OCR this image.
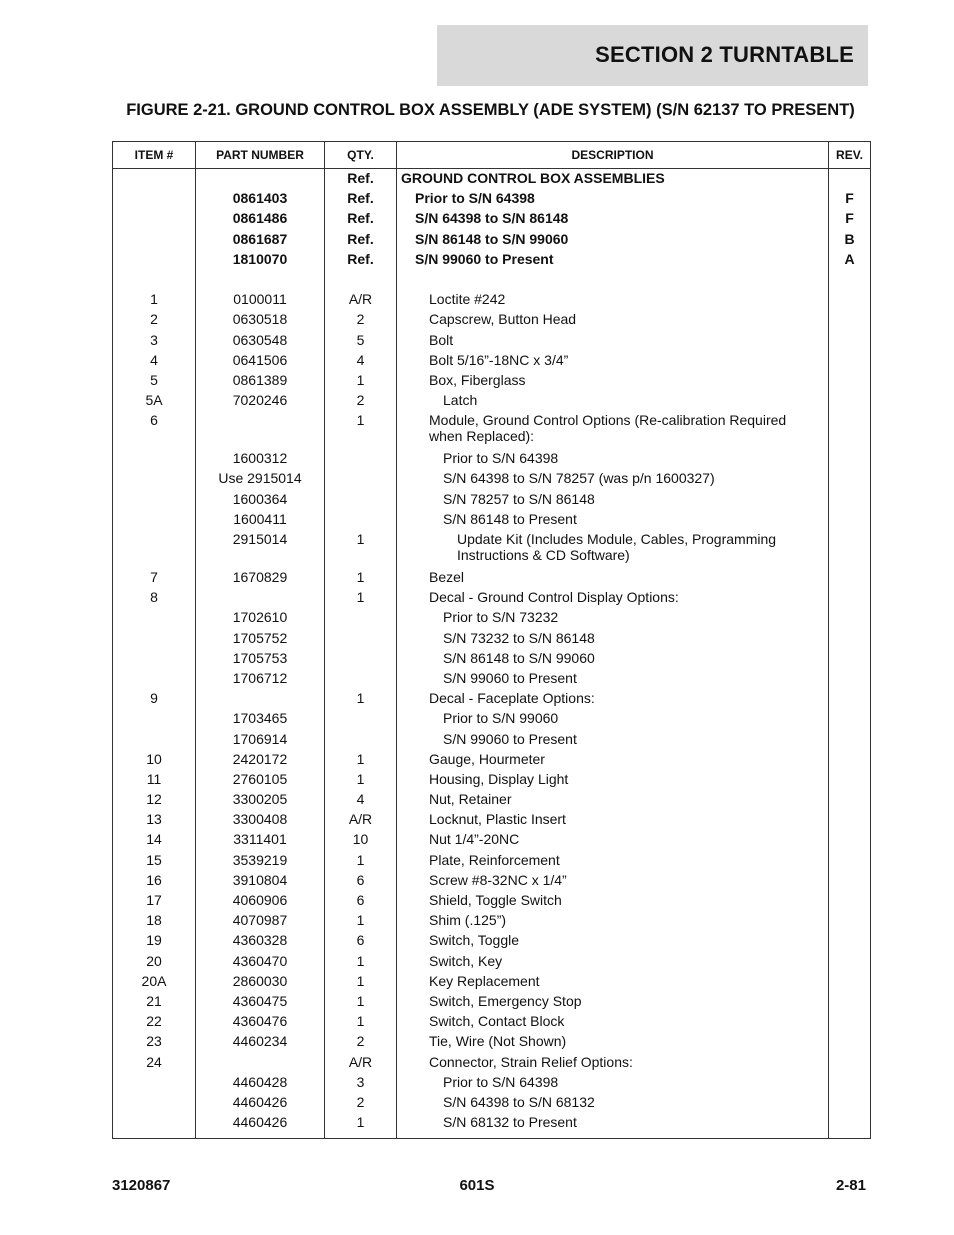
SECTION 2 TURNTABLE
FIGURE 2-21. GROUND CONTROL BOX ASSEMBLY (ADE SYSTEM) (S/N 62137 TO PRESENT)
ITEM #	PART NUMBER	QTY.	DESCRIPTION	REV.
		Ref.	GROUND CONTROL BOX ASSEMBLIES	
	0861403	Ref.	Prior to S/N 64398	F
	0861486	Ref.	S/N 64398 to S/N 86148	F
	0861687	Ref.	S/N 86148 to S/N 99060	B
	1810070	Ref.	S/N 99060 to Present	A

1	0100011	A/R	Loctite #242	
2	0630518	2	Capscrew, Button Head	
3	0630548	5	Bolt	
4	0641506	4	Bolt 5/16”-18NC x 3/4”	
5	0861389	1	Box, Fiberglass	
5A	7020246	2	Latch	
6		1	Module, Ground Control Options (Re-calibration Required when Replaced):	
	1600312		Prior to S/N 64398	
	Use 2915014		S/N 64398 to S/N 78257 (was p/n 1600327)	
	1600364		S/N 78257 to S/N 86148	
	1600411		S/N 86148 to Present	
	2915014	1	Update Kit (Includes Module, Cables, Programming Instructions & CD Software)	
7	1670829	1	Bezel	
8		1	Decal - Ground Control Display Options:	
	1702610		Prior to S/N 73232	
	1705752		S/N 73232 to S/N 86148	
	1705753		S/N 86148 to S/N 99060	
	1706712		S/N 99060 to Present	
9		1	Decal - Faceplate Options:	
	1703465		Prior to S/N 99060	
	1706914		S/N 99060 to Present	
10	2420172	1	Gauge, Hourmeter	
11	2760105	1	Housing, Display Light	
12	3300205	4	Nut, Retainer	
13	3300408	A/R	Locknut, Plastic Insert	
14	3311401	10	Nut 1/4”-20NC	
15	3539219	1	Plate, Reinforcement	
16	3910804	6	Screw #8-32NC x 1/4”	
17	4060906	6	Shield, Toggle Switch	
18	4070987	1	Shim (.125”)	
19	4360328	6	Switch, Toggle	
20	4360470	1	Switch, Key	
20A	2860030	1	Key Replacement	
21	4360475	1	Switch, Emergency Stop	
22	4360476	1	Switch, Contact Block	
23	4460234	2	Tie, Wire (Not Shown)	
24		A/R	Connector, Strain Relief Options:	
	4460428	3	Prior to S/N 64398	
	4460426	2	S/N 64398 to S/N 68132	
	4460426	1	S/N 68132 to Present	
3120867	601S	2-81
